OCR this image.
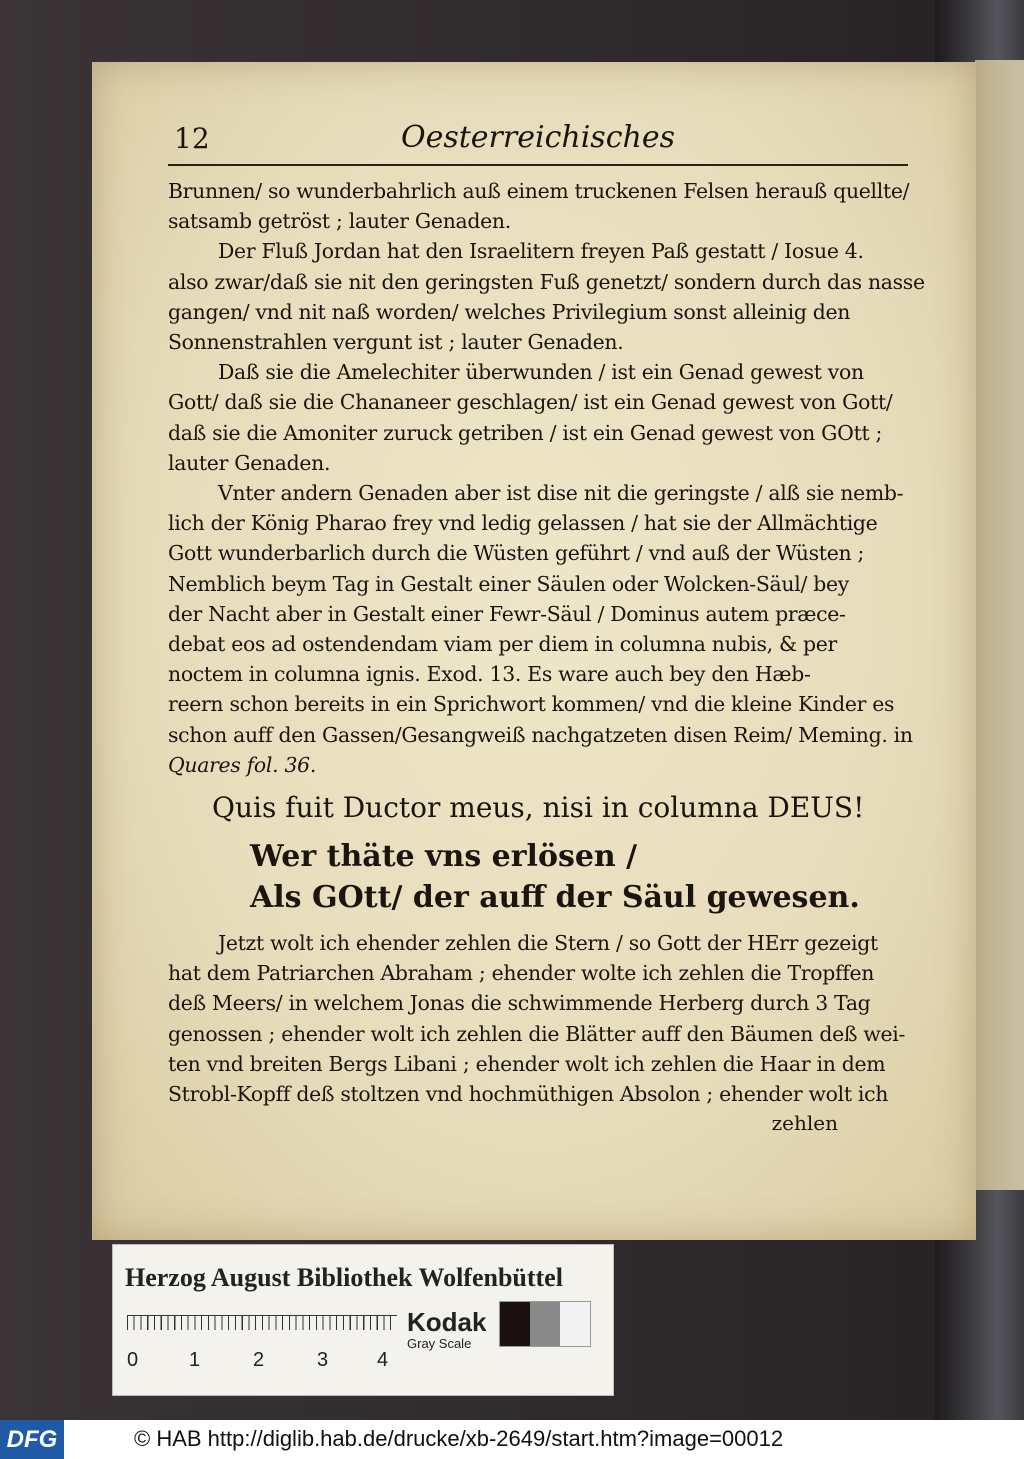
12	Oesterreichisches

Brunnen/ so wunderbahrlich auß einem truckenen Felsen herauß quellte/

satsamb getröst ; lauter Genaden.

Der Fluß Jordan hat den Israelitern freyen Paß gestatt / Iosue 4.

also zwar/daß sie nit den geringsten Fuß genetzt/ sondern durch das nasse

gangen/ vnd nit naß worden/ welches Privilegium sonst alleinig den

Sonnenstrahlen vergunt ist ; lauter Genaden.

Daß sie die Amelechiter überwunden / ist ein Genad gewest von

Gott/ daß sie die Chananeer geschlagen/ ist ein Genad gewest von Gott/

daß sie die Amoniter zuruck getriben / ist ein Genad gewest von GOtt ;

lauter Genaden.

Vnter andern Genaden aber ist dise nit die geringste / alß sie nemb-

lich der König Pharao frey vnd ledig gelassen / hat sie der Allmächtige

Gott wunderbarlich durch die Wüsten geführt / vnd auß der Wüsten ;

Nemblich beym Tag in Gestalt einer Säulen oder Wolcken-Säul/ bey

der Nacht aber in Gestalt einer Fewr-Säul / Dominus autem præce-

debat eos ad ostendendam viam per diem in columna nubis, & per

noctem in columna ignis. Exod. 13. Es ware auch bey den Hæb-

reern schon bereits in ein Sprichwort kommen/ vnd die kleine Kinder es

schon auff den Gassen/Gesangweiß nachgatzeten disen Reim/ Meming. in

Quares fol. 36.

Quis fuit Ductor meus, nisi in columna DEUS!
Wer thäte vns erlösen /
Als GOtt/ der auff der Säul gewesen.

Jetzt wolt ich ehender zehlen die Stern / so Gott der HErr gezeigt

hat dem Patriarchen Abraham ; ehender wolte ich zehlen die Tropffen

deß Meers/ in welchem Jonas die schwimmende Herberg durch 3 Tag

genossen ; ehender wolt ich zehlen die Blätter auff den Bäumen deß wei-

ten vnd breiten Bergs Libani ; ehender wolt ich zehlen die Haar in dem

Strobl-Kopff deß stoltzen vnd hochmüthigen Absolon ; ehender wolt ich

zehlen
Herzog August Bibliothek Wolfenbüttel
0	1	2	3 4
Kodak
Gray Scale
DFG	© HAB http://diglib.hab.de/drucke/xb-2649/start.htm?image=00012
